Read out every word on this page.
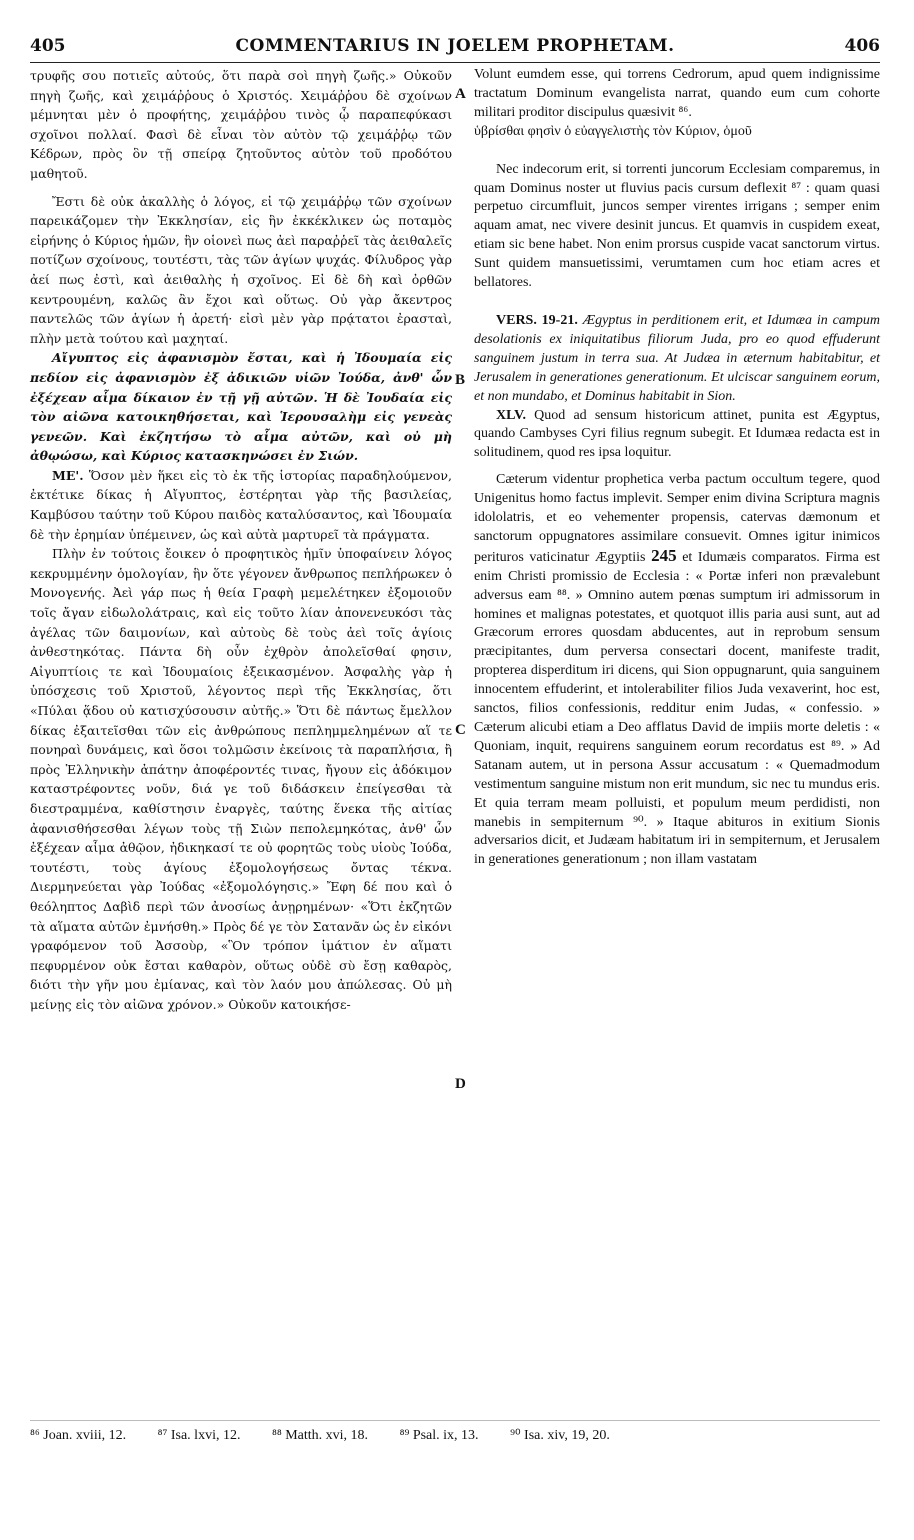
405	COMMENTARIUS IN JOELEM PROPHETAM.	406
A
B
C
D

τρυφῆς σου ποτιεῖς αὐτούς, ὅτι παρὰ σοὶ πηγὴ ζωῆς.» Οὐκοῦν πηγὴ ζωῆς, καὶ χειμάῤῥους ὁ Χριστός. Χειμάῤῥου δὲ σχοίνων μέμνηται μὲν ὁ προφήτης, χειμάῤῥου τινὸς ᾧ παραπεφύκασι σχοῖνοι πολλαί. Φασὶ δὲ εἶναι τὸν αὐτὸν τῷ χειμάῤῥῳ τῶν Κέδρων, πρὸς ὃν τῇ σπείρᾳ ζητοῦντος αὐτὸν τοῦ προδότου μαθητοῦ.

Ἔστι δὲ οὐκ ἀκαλλὴς ὁ λόγος, εἰ τῷ χειμάῤῥῳ τῶν σχοίνων παρεικάζομεν τὴν Ἐκκλησίαν, εἰς ἣν ἐκκέκλικεν ὡς ποταμὸς εἰρήνης ὁ Κύριος ἡμῶν, ἣν οἱονεὶ πως ἀεὶ παραῤῥεῖ τὰς ἀειθαλεῖς ποτίζων σχοίνους, τουτέστι, τὰς τῶν ἁγίων ψυχάς. Φίλυδρος γὰρ ἀεί πως ἐστὶ, καὶ ἀειθαλὴς ἡ σχοῖνος. Εἰ δὲ δὴ καὶ ὀρθῶν κεντρουμένη, καλῶς ἂν ἔχοι καὶ οὕτως. Οὐ γὰρ ἄκεντρος παντελῶς τῶν ἁγίων ἡ ἀρετή· εἰσὶ μὲν γὰρ πρᾴτατοι ἐρασταὶ, πλὴν μετὰ τούτου καὶ μαχηταί.

Αἴγυπτος εἰς ἀφανισμὸν ἔσται, καὶ ἡ Ἰδουμαία εἰς πεδίον εἰς ἀφανισμὸν ἐξ ἀδικιῶν υἱῶν Ἰούδα, ἀνθ' ὧν ἐξέχεαν αἷμα δίκαιον ἐν τῇ γῇ αὐτῶν. Ἡ δὲ Ἰουδαία εἰς τὸν αἰῶνα κατοικηθήσεται, καὶ Ἱερουσαλὴμ εἰς γενεὰς γενεῶν. Καὶ ἐκζητήσω τὸ αἷμα αὐτῶν, καὶ οὐ μὴ ἀθῳώσω, καὶ Κύριος κατασκηνώσει ἐν Σιών.

ΜΕ'. Ὅσον μὲν ἥκει εἰς τὸ ἐκ τῆς ἱστορίας παραδηλούμενον, ἐκτέτικε δίκας ἡ Αἴγυπτος, ἐστέρηται γὰρ τῆς βασιλείας, Καμβύσου ταύτην τοῦ Κύρου παιδὸς καταλύσαντος, καὶ Ἰδουμαία δὲ τὴν ἐρημίαν ὑπέμεινεν, ὡς καὶ αὐτὰ μαρτυρεῖ τὰ πράγματα.

Πλὴν ἐν τούτοις ἔοικεν ὁ προφητικὸς ἡμῖν ὑποφαίνειν λόγος κεκρυμμένην ὁμολογίαν, ἣν ὅτε γέγονεν ἄνθρωπος πεπλήρωκεν ὁ Μονογενής. Ἀεὶ γάρ πως ἡ θεία Γραφὴ μεμελέτηκεν ἐξομοιοῦν τοῖς ἄγαν εἰδωλολάτραις, καὶ εἰς τοῦτο λίαν ἀπονενευκόσι τὰς ἀγέλας τῶν δαιμονίων, καὶ αὐτοὺς δὲ τοὺς ἀεὶ τοῖς ἁγίοις ἀνθεστηκότας. Πάντα δὴ οὖν ἐχθρὸν ἀπολεῖσθαί φησιν, Αἰγυπτίοις τε καὶ Ἰδουμαίοις ἐξεικασμένον. Ἀσφαλὴς γὰρ ἡ ὑπόσχεσις τοῦ Χριστοῦ, λέγοντος περὶ τῆς Ἐκκλησίας, ὅτι «Πύλαι ᾅδου οὐ κατισχύσουσιν αὐτῆς.» Ὅτι δὲ πάντως ἔμελλον δίκας ἐξαιτεῖσθαι τῶν εἰς ἀνθρώπους πεπλημμελημένων αἵ τε πονηραὶ δυνάμεις, καὶ ὅσοι τολμῶσιν ἐκείνοις τὰ παραπλήσια, ἢ πρὸς Ἑλληνικὴν ἀπάτην ἀποφέροντές τινας, ἤγουν εἰς ἀδόκιμον καταστρέφοντες νοῦν, διά γε τοῦ διδάσκειν ἐπείγεσθαι τὰ διεστραμμένα, καθίστησιν ἐναργὲς, ταύτης ἕνεκα τῆς αἰτίας ἀφανισθήσεσθαι λέγων τοὺς τῇ Σιὼν πεπολεμηκότας, ἀνθ' ὧν ἐξέχεαν αἷμα ἀθῷον, ἠδικηκασί τε οὐ φορητῶς τοὺς υἱοὺς Ἰούδα, τουτέστι, τοὺς ἁγίους ἐξομολογήσεως ὄντας τέκνα. Διερμηνεύεται γὰρ Ἰούδας «ἐξομολόγησις.» Ἔφη δέ που καὶ ὁ θεόληπτος Δαβὶδ περὶ τῶν ἀνοσίως ἀνῃρημένων· «Ὅτι ἐκζητῶν τὰ αἵματα αὐτῶν ἐμνήσθη.» Πρὸς δέ γε τὸν Σατανᾶν ὡς ἐν εἰκόνι γραφόμενον τοῦ Ἀσσοὺρ, «Ὃν τρόπον ἱμάτιον ἐν αἵματι πεφυρμένον οὐκ ἔσται καθαρὸν, οὕτως οὐδὲ σὺ ἔσῃ καθαρὸς, διότι τὴν γῆν μου ἐμίανας, καὶ τὸν λαόν μου ἀπώλεσας. Οὐ μὴ μείνῃς εἰς τὸν αἰῶνα χρόνον.» Οὐκοῦν κατοικήσε-

Volunt eumdem esse, qui torrens Cedrorum, apud quem indignissime tractatum Dominum evangelista narrat, quando eum cum cohorte militari proditor discipulus quæsivit ⁸⁶.

ὑβρίσθαι φησὶν ὁ εὐαγγελιστὴς τὸν Κύριον, ὁμοῦ

Nec indecorum erit, si torrenti juncorum Ecclesiam comparemus, in quam Dominus noster ut fluvius pacis cursum deflexit ⁸⁷ : quam quasi perpetuo circumfluit, juncos semper virentes irrigans ; semper enim aquam amat, nec vivere desinit juncus. Et quamvis in cuspidem exeat, etiam sic bene habet. Non enim prorsus cuspide vacat sanctorum virtus. Sunt quidem mansuetissimi, verumtamen cum hoc etiam acres et bellatores.

VERS. 19-21. Ægyptus in perditionem erit, et Idumæa in campum desolationis ex iniquitatibus filiorum Juda, pro eo quod effuderunt sanguinem justum in terra sua. At Judæa in æternum habitabitur, et Jerusalem in generationes generationum. Et ulciscar sanguinem eorum, et non mundabo, et Dominus habitabit in Sion.

XLV. Quod ad sensum historicum attinet, punita est Ægyptus, quando Cambyses Cyri filius regnum subegit. Et Idumæa redacta est in solitudinem, quod res ipsa loquitur.

Cæterum videntur prophetica verba pactum occultum tegere, quod Unigenitus homo factus implevit. Semper enim divina Scriptura magnis idololatris, et eo vehementer propensis, catervas dæmonum et sanctorum oppugnatores assimilare consuevit. Omnes igitur inimicos perituros vaticinatur Ægyptiis 245 et Idumæis comparatos. Firma est enim Christi promissio de Ecclesia : « Portæ inferi non prævalebunt adversus eam ⁸⁸. » Omnino autem pœnas sumptum iri admissorum in homines et malignas potestates, et quotquot illis paria ausi sunt, aut ad Græcorum errores quosdam abducentes, aut in reprobum sensum præcipitantes, dum perversa consectari docent, manifeste tradit, propterea disperditum iri dicens, qui Sion oppugnarunt, quia sanguinem innocentem effuderint, et intolerabiliter filios Juda vexaverint, hoc est, sanctos, filios confessionis, redditur enim Judas, « confessio. » Cæterum alicubi etiam a Deo afflatus David de impiis morte deletis : « Quoniam, inquit, requirens sanguinem eorum recordatus est ⁸⁹. » Ad Satanam autem, ut in persona Assur accusatum : « Quemadmodum vestimentum sanguine mistum non erit mundum, sic nec tu mundus eris. Et quia terram meam polluisti, et populum meum perdidisti, non manebis in sempiternum ⁹⁰. » Itaque abituros in exitium Sionis adversarios dicit, et Judæam habitatum iri in sempiternum, et Jerusalem in generationes generationum ; non illam vastatam

⁸⁶ Joan. xviii, 12. ⁸⁷ Isa. lxvi, 12. ⁸⁸ Matth. xvi, 18. ⁸⁹ Psal. ix, 13. ⁹⁰ Isa. xiv, 19, 20.
